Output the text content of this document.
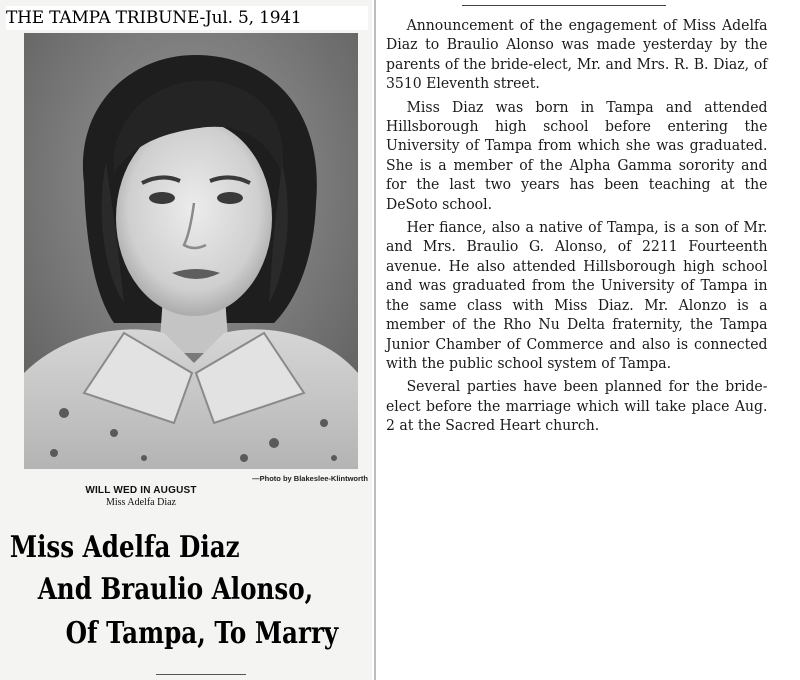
THE TAMPA TRIBUNE-Jul. 5, 1941
—Photo by Blakeslee-Klintworth
WILL WED IN AUGUST
Miss Adelfa Diaz
Miss Adelfa Diaz
And Braulio Alonso,
Of Tampa, To Marry

Announcement of the engagement of Miss Adelfa Diaz to Braulio Alonso was made yesterday by the parents of the bride-elect, Mr. and Mrs. R. B. Diaz, of 3510 Eleventh street.

Miss Diaz was born in Tampa and attended Hillsborough high school before entering the University of Tampa from which she was graduated. She is a member of the Alpha Gamma sorority and for the last two years has been teaching at the DeSoto school.

Her fiance, also a native of Tampa, is a son of Mr. and Mrs. Braulio G. Alonso, of 2211 Fourteenth avenue. He also attended Hillsborough high school and was graduated from the University of Tampa in the same class with Miss Diaz. Mr. Alonzo is a member of the Rho Nu Delta fraternity, the Tampa Junior Chamber of Commerce and also is connected with the public school system of Tampa.

Several parties have been planned for the bride-elect before the marriage which will take place Aug. 2 at the Sacred Heart church.
